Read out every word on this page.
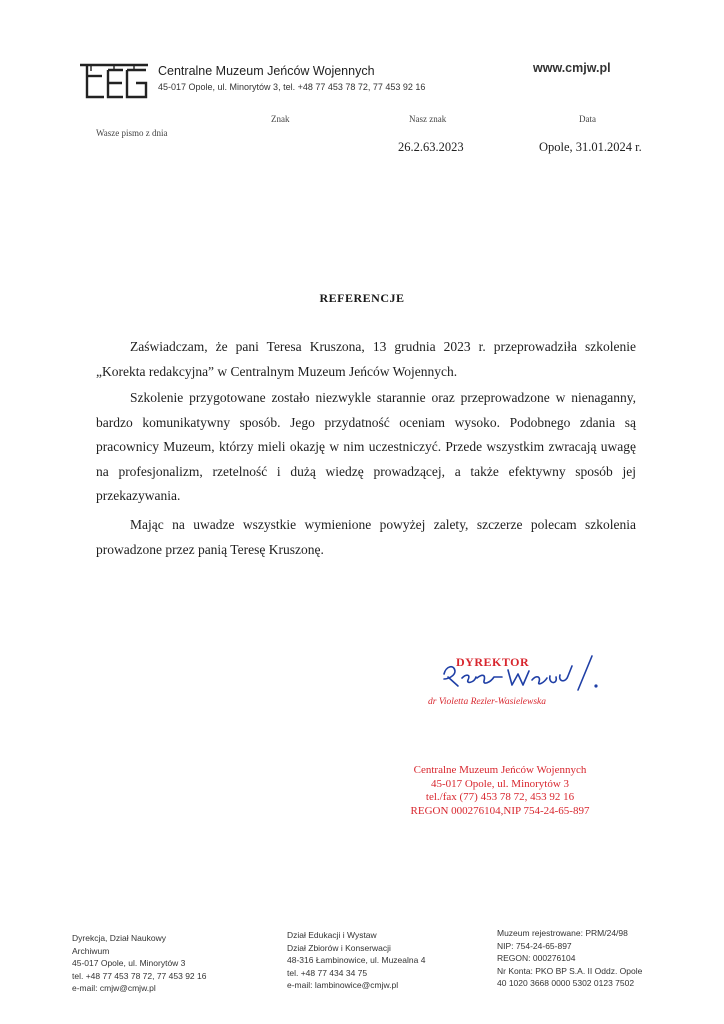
Centralne Muzeum Jeńców Wojennych
45-017 Opole, ul. Minorytów 3, tel. +48 77 453 78 72, 77 453 92 16
www.cmjw.pl
Wasze pismo z dnia
Znak	Nasz znak
26.2.63.2023
Data
Opole, 31.01.2024 r.
REFERENCJE
Zaświadczam, że pani Teresa Kruszona, 13 grudnia 2023 r. przeprowadziła szkolenie „Korekta redakcyjna” w Centralnym Muzeum Jeńców Wojennych.
Szkolenie przygotowane zostało niezwykle starannie oraz przeprowadzone w nienaganny, bardzo komunikatywny sposób. Jego przydatność oceniam wysoko. Podobnego zdania są pracownicy Muzeum, którzy mieli okazję w nim uczestniczyć. Przede wszystkim zwracają uwagę na profesjonalizm, rzetelność i dużą wiedzę prowadzącej, a także efektywny sposób jej przekazywania.
Mając na uwadze wszystkie wymienione powyżej zalety, szczerze polecam szkolenia prowadzone przez panią Teresę Kruszonę.
DYREKTOR
dr Violetta Rezler-Wasielewska
Centralne Muzeum Jeńców Wojennych
45-017 Opole, ul. Minorytów 3
tel./fax (77) 453 78 72, 453 92 16
REGON 000276104,NIP 754-24-65-897
Dyrekcja, Dział Naukowy
Archiwum
45-017 Opole, ul. Minorytów 3
tel. +48 77 453 78 72, 77 453 92 16
e-mail: cmjw@cmjw.pl
Dział Edukacji i Wystaw
Dział Zbiorów i Konserwacji
48-316 Łambinowice, ul. Muzealna 4
tel. +48 77 434 34 75
e-mail: lambinowice@cmjw.pl
Muzeum rejestrowane: PRM/24/98
NIP: 754-24-65-897
REGON: 000276104
Nr Konta: PKO BP S.A. II Oddz. Opole
40 1020 3668 0000 5302 0123 7502
